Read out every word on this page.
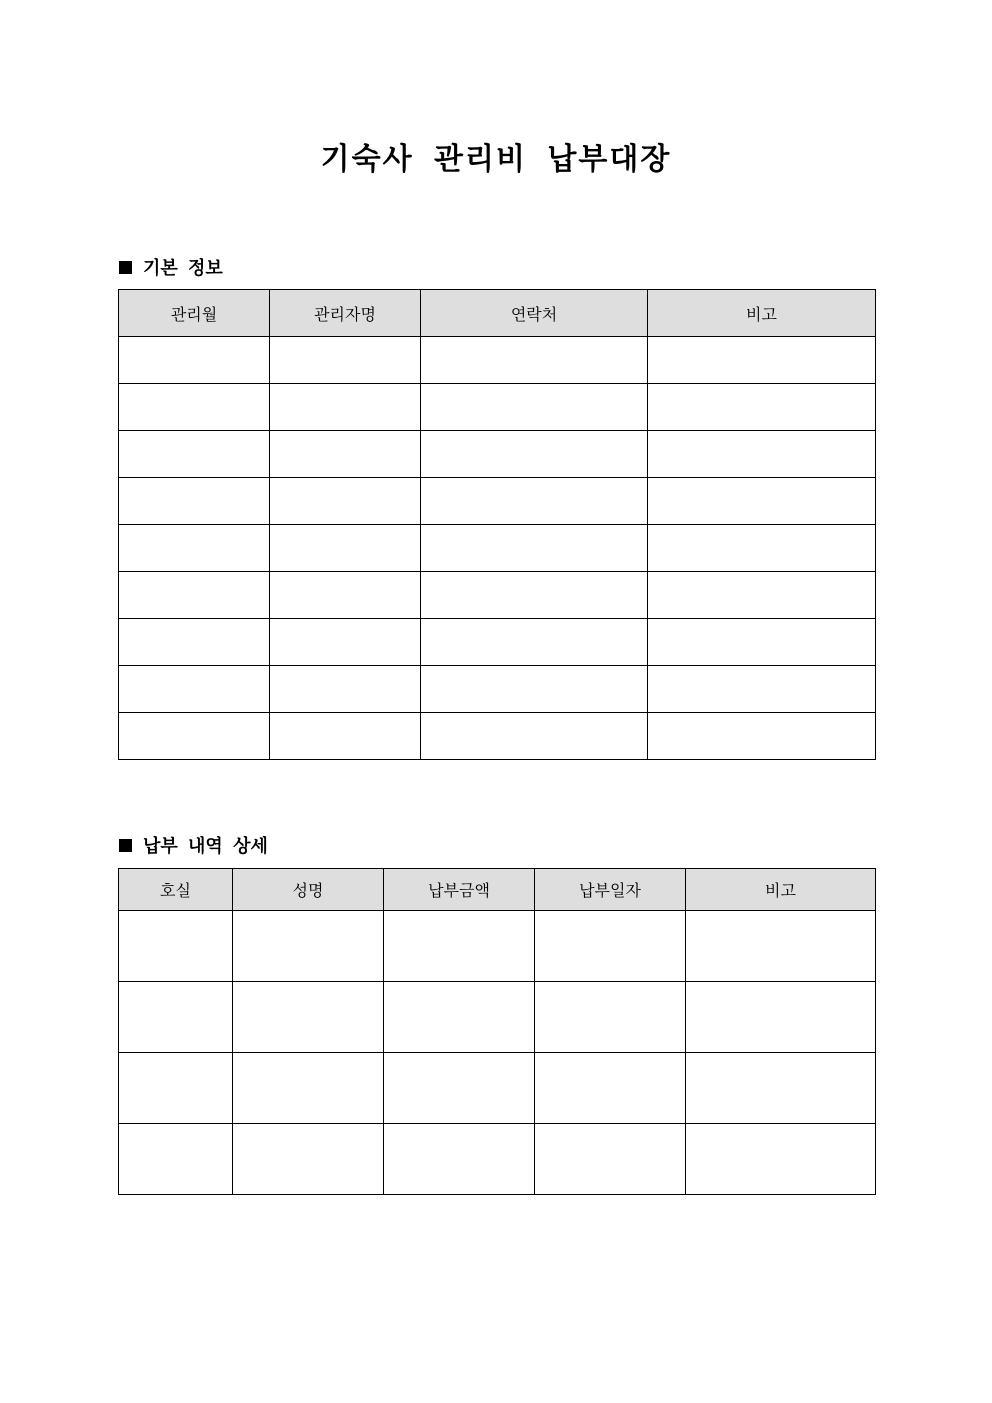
기숙사 관리비 납부대장
기본 정보
관리월	관리자명	연락처	비고

납부 내역 상세
호실	성명	납부금액	납부일자	비고
